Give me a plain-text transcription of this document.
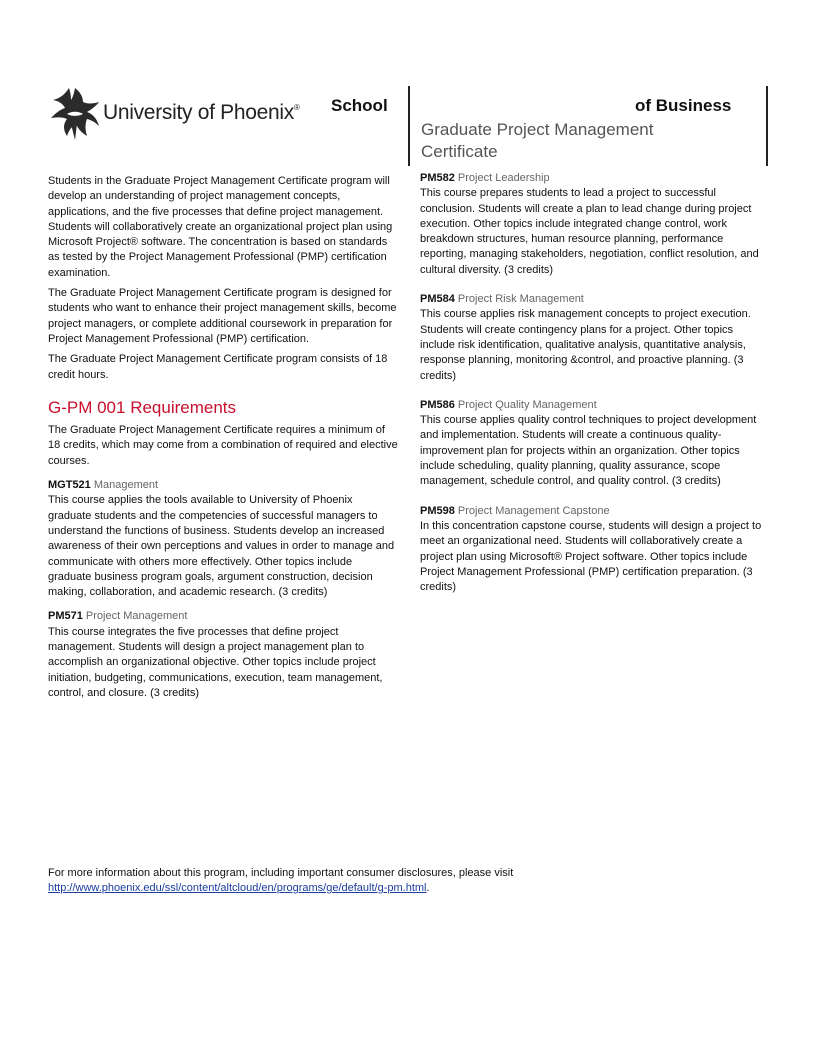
University of Phoenix® School	of Business
Graduate Project Management Certificate

Students in the Graduate Project Management Certificate program will develop an understanding of project management concepts, applications, and the five processes that define project management. Students will collaboratively create an organizational project plan using Microsoft Project® software. The concentration is based on standards as tested by the Project Management Professional (PMP) certification examination.

The Graduate Project Management Certificate program is designed for students who want to enhance their project management skills, become project managers, or complete additional coursework in preparation for Project Management Professional (PMP) certification.

The Graduate Project Management Certificate program consists of 18 credit hours.

G-PM 001 Requirements

The Graduate Project Management Certificate requires a minimum of 18 credits, which may come from a combination of required and elective courses.

MGT521 Management

This course applies the tools available to University of Phoenix graduate students and the competencies of successful managers to understand the functions of business. Students develop an increased awareness of their own perceptions and values in order to manage and communicate with others more effectively. Other topics include graduate business program goals, argument construction, decision making, collaboration, and academic research. (3 credits)

PM571 Project Management

This course integrates the five processes that define project management. Students will design a project management plan to accomplish an organizational objective. Other topics include project initiation, budgeting, communications, execution, team management, control, and closure. (3 credits)

PM582 Project Leadership

This course prepares students to lead a project to successful conclusion. Students will create a plan to lead change during project execution. Other topics include integrated change control, work breakdown structures, human resource planning, performance reporting, managing stakeholders, negotiation, conflict resolution, and cultural diversity. (3 credits)

PM584 Project Risk Management

This course applies risk management concepts to project execution. Students will create contingency plans for a project. Other topics include risk identification, qualitative analysis, quantitative analysis, response planning, monitoring &control, and proactive planning. (3 credits)

PM586 Project Quality Management

This course applies quality control techniques to project development and implementation. Students will create a continuous quality-improvement plan for projects within an organization. Other topics include scheduling, quality planning, quality assurance, scope management, schedule control, and quality control. (3 credits)

PM598 Project Management Capstone

In this concentration capstone course, students will design a project to meet an organizational need. Students will collaboratively create a project plan using Microsoft® Project software. Other topics include Project Management Professional (PMP) certification preparation. (3 credits)

For more information about this program, including important consumer disclosures, please visit
http://www.phoenix.edu/ssl/content/altcloud/en/programs/ge/default/g-pm.html.
